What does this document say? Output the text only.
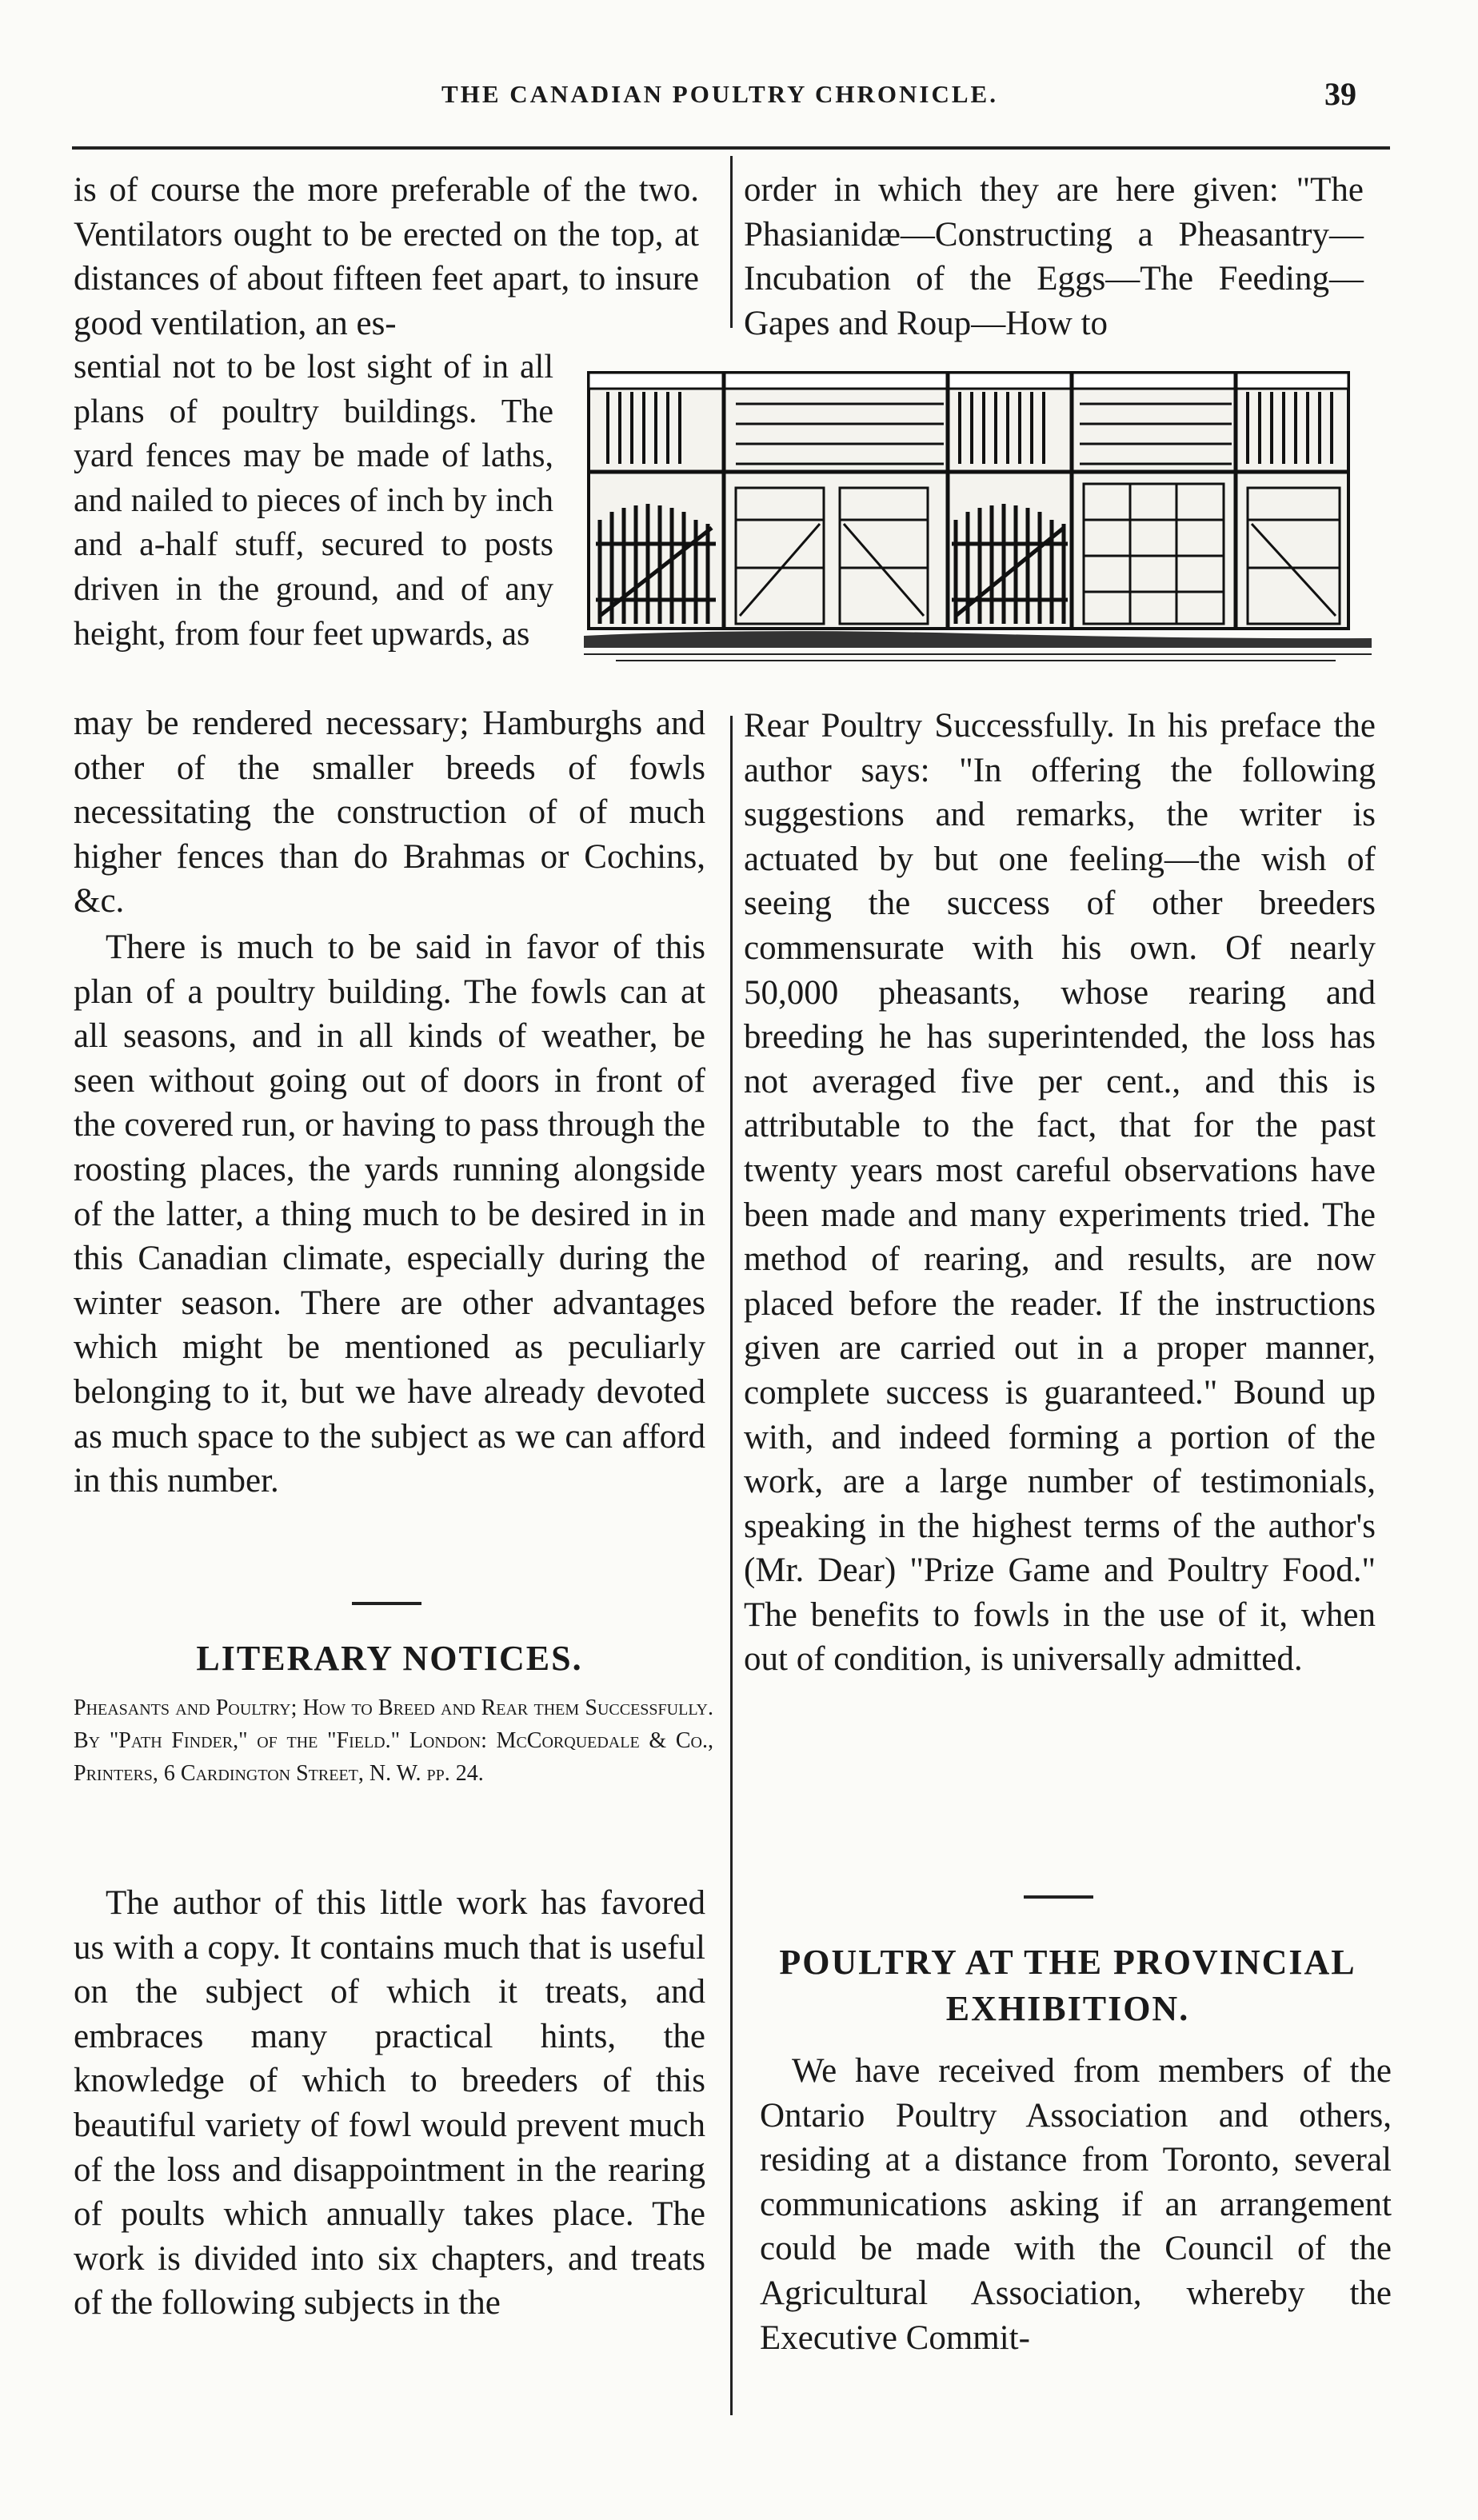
THE CANADIAN POULTRY CHRONICLE.	39

is of course the more preferable of the two. Ventilators ought to be erected on the top, at distances of about fifteen feet apart, to insure good ventilation, an es-

sential not to be lost sight of in all plans of poultry buildings. The yard fences may be made of laths, and nailed to pieces of inch by inch and a-half stuff, secured to posts driven in the ground, and of any height, from four feet upwards, as

may be rendered necessary; Hamburghs and other of the smaller breeds of fowls necessitating the construction of of much higher fences than do Brahmas or Cochins, &c.

There is much to be said in favor of this plan of a poultry building. The fowls can at all seasons, and in all kinds of weather, be seen without going out of doors in front of the covered run, or having to pass through the roosting places, the yards running alongside of the latter, a thing much to be desired in in this Canadian climate, especially during the winter season. There are other advantages which might be mentioned as peculiarly belonging to it, but we have already devoted as much space to the subject as we can afford in this number.

LITERARY NOTICES.

Pheasants and Poultry; How to Breed and Rear them Successfully. By "Path Finder," of the "Field." London: McCorquedale & Co., Printers, 6 Cardington Street, N. W. pp. 24.

The author of this little work has favored us with a copy. It contains much that is useful on the subject of which it treats, and embraces many practical hints, the knowledge of which to breeders of this beautiful variety of fowl would prevent much of the loss and disappointment in the rearing of poults which annually takes place. The work is divided into six chapters, and treats of the following subjects in the

order in which they are here given: "The Phasianidæ—Constructing a Pheasantry—Incubation of the Eggs—The Feeding—Gapes and Roup—How to

Rear Poultry Successfully. In his preface the author says: "In offering the following suggestions and remarks, the writer is actuated by but one feeling—the wish of seeing the success of other breeders commensurate with his own. Of nearly 50,000 pheasants, whose rearing and breeding he has superintended, the loss has not averaged five per cent., and this is attributable to the fact, that for the past twenty years most careful observations have been made and many experiments tried. The method of rearing, and results, are now placed before the reader. If the instructions given are carried out in a proper manner, complete success is guaranteed." Bound up with, and indeed forming a portion of the work, are a large number of testimonials, speaking in the highest terms of the author's (Mr. Dear) "Prize Game and Poultry Food." The benefits to fowls in the use of it, when out of condition, is universally admitted.

POULTRY AT THE PROVINCIAL EXHIBITION.

We have received from members of the Ontario Poultry Association and others, residing at a distance from Toronto, several communications asking if an arrangement could be made with the Council of the Agricultural Association, whereby the Executive Commit-
